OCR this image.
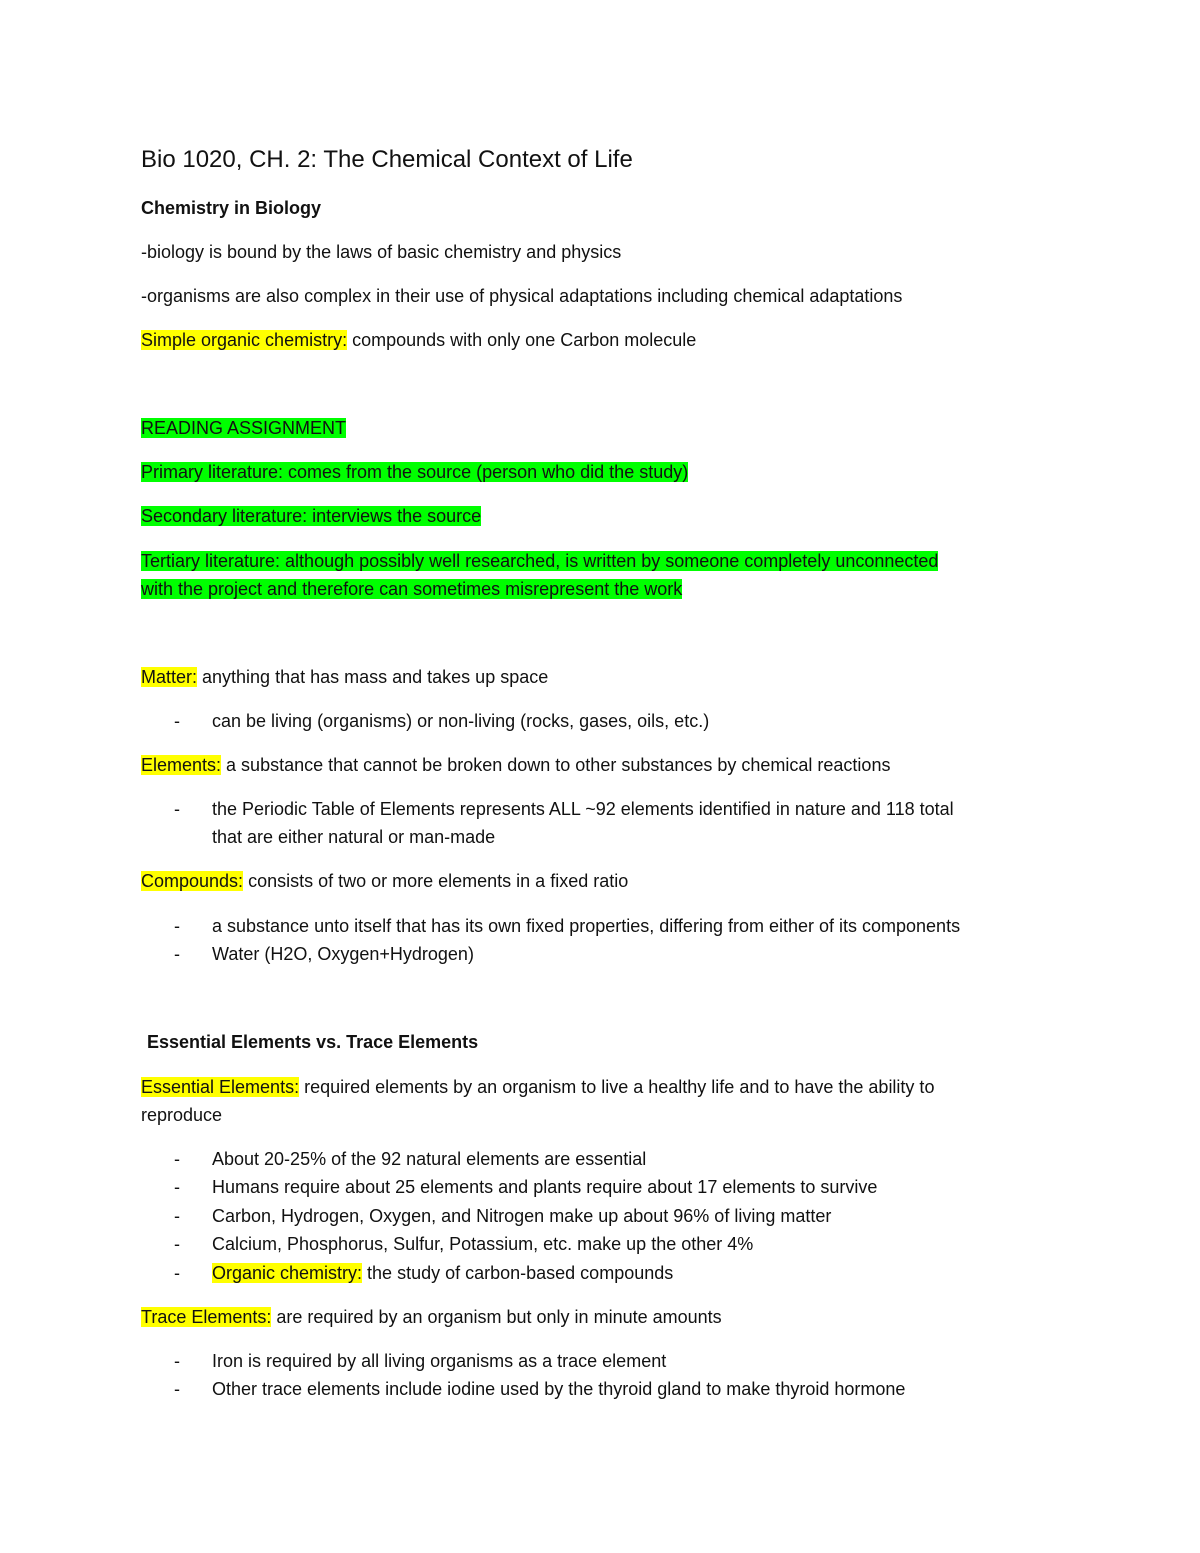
Bio 1020, CH. 2: The Chemical Context of Life
Chemistry in Biology
-biology is bound by the laws of basic chemistry and physics
-organisms are also complex in their use of physical adaptations including chemical adaptations
Simple organic chemistry: compounds with only one Carbon molecule
READING ASSIGNMENT
Primary literature: comes from the source (person who did the study)
Secondary literature: interviews the source
Tertiary literature: although possibly well researched, is written by someone completely unconnected
with the project and therefore can sometimes misrepresent the work
Matter: anything that has mass and takes up space
- can be living (organisms) or non-living (rocks, gases, oils, etc.)
Elements: a substance that cannot be broken down to other substances by chemical reactions
- the Periodic Table of Elements represents ALL ~92 elements identified in nature and 118 total
that are either natural or man-made
Compounds: consists of two or more elements in a fixed ratio
- a substance unto itself that has its own fixed properties, differing from either of its components
- Water (H2O, Oxygen+Hydrogen)
Essential Elements vs. Trace Elements
Essential Elements: required elements by an organism to live a healthy life and to have the ability to
reproduce
- About 20-25% of the 92 natural elements are essential
- Humans require about 25 elements and plants require about 17 elements to survive
- Carbon, Hydrogen, Oxygen, and Nitrogen make up about 96% of living matter
- Calcium, Phosphorus, Sulfur, Potassium, etc. make up the other 4%
- Organic chemistry: the study of carbon-based compounds
Trace Elements: are required by an organism but only in minute amounts
- Iron is required by all living organisms as a trace element
- Other trace elements include iodine used by the thyroid gland to make thyroid hormone
